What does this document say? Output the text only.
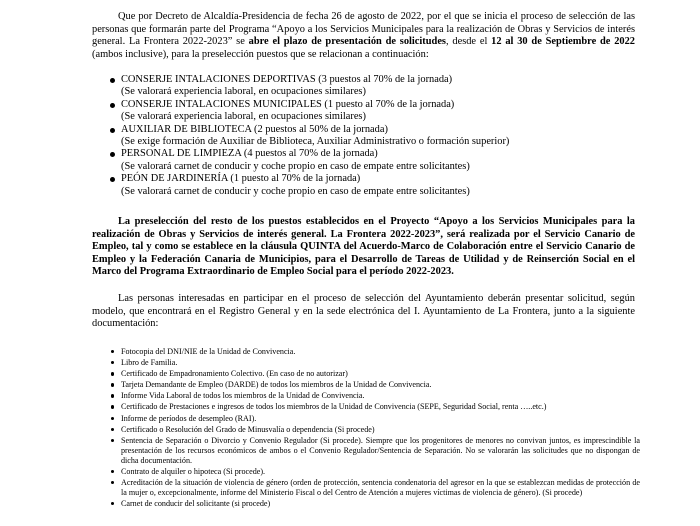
Que por Decreto de Alcaldía-Presidencia de fecha 26 de agosto de 2022, por el que se inicia el proceso de selección de las personas que formarán parte del Programa “Apoyo a los Servicios Municipales para la realización de Obras y Servicios de interés general. La Frontera 2022-2023” se abre el plazo de presentación de solicitudes, desde el 12 al 30 de Septiembre de 2022 (ambos inclusive), para la preselección puestos que se relacionan a continuación:

CONSERJE INTALACIONES DEPORTIVAS (3 puestos al 70% de la jornada)
(Se valorará experiencia laboral, en ocupaciones similares)
CONSERJE INTALACIONES MUNICIPALES (1 puesto al 70% de la jornada)
(Se valorará experiencia laboral, en ocupaciones similares)
AUXILIAR DE BIBLIOTECA (2 puestos al 50% de la jornada)
(Se exige formación de Auxiliar de Biblioteca, Auxiliar Administrativo o formación superior)
PERSONAL DE LIMPIEZA (4 puestos al 70% de la jornada)
(Se valorará carnet de conducir y coche propio en caso de empate entre solicitantes)
PEÓN DE JARDINERÍA (1 puesto al 70% de la jornada)
(Se valorará carnet de conducir y coche propio en caso de empate entre solicitantes)

La preselección del resto de los puestos establecidos en el Proyecto “Apoyo a los Servicios Municipales para la realización de Obras y Servicios de interés general. La Frontera 2022-2023”, será realizada por el Servicio Canario de Empleo, tal y como se establece en la cláusula QUINTA del Acuerdo-Marco de Colaboración entre el Servicio Canario de Empleo y la Federación Canaria de Municipios, para el Desarrollo de Tareas de Utilidad y de Reinserción Social en el Marco del Programa Extraordinario de Empleo Social para el período 2022-2023.

Las personas interesadas en participar en el proceso de selección del Ayuntamiento deberán presentar solicitud, según modelo, que encontrará en el Registro General y en la sede electrónica del I. Ayuntamiento de La Frontera, junto a la siguiente documentación:

Fotocopia del DNI/NIE de la Unidad de Convivencia.
Libro de Familia.
Certificado de Empadronamiento Colectivo. (En caso de no autorizar)
Tarjeta Demandante de Empleo (DARDE) de todos los miembros de la Unidad de Convivencia.
Informe Vida Laboral de todos los miembros de la Unidad de Convivencia.
Certificado de Prestaciones e ingresos de todos los miembros de la Unidad de Convivencia (SEPE, Seguridad Social, renta …..etc.)
Informe de períodos de desempleo (RAI).
Certificado o Resolución del Grado de Minusvalía o dependencia (Si procede)
Sentencia de Separación o Divorcio y Convenio Regulador (Si procede). Siempre que los progenitores de menores no convivan juntos, es imprescindible la presentación de los recursos económicos de ambos o el Convenio Regulador/Sentencia de Separación. No se valorarán las solicitudes que no dispongan de dicha documentación.
Contrato de alquiler o hipoteca (Si procede).
Acreditación de la situación de violencia de género (orden de protección, sentencia condenatoria del agresor en la que se establezcan medidas de protección de la mujer o, excepcionalmente, informe del Ministerio Fiscal o del Centro de Atención a mujeres víctimas de violencia de género). (Si procede)
Carnet de conducir del solicitante (si procede)
